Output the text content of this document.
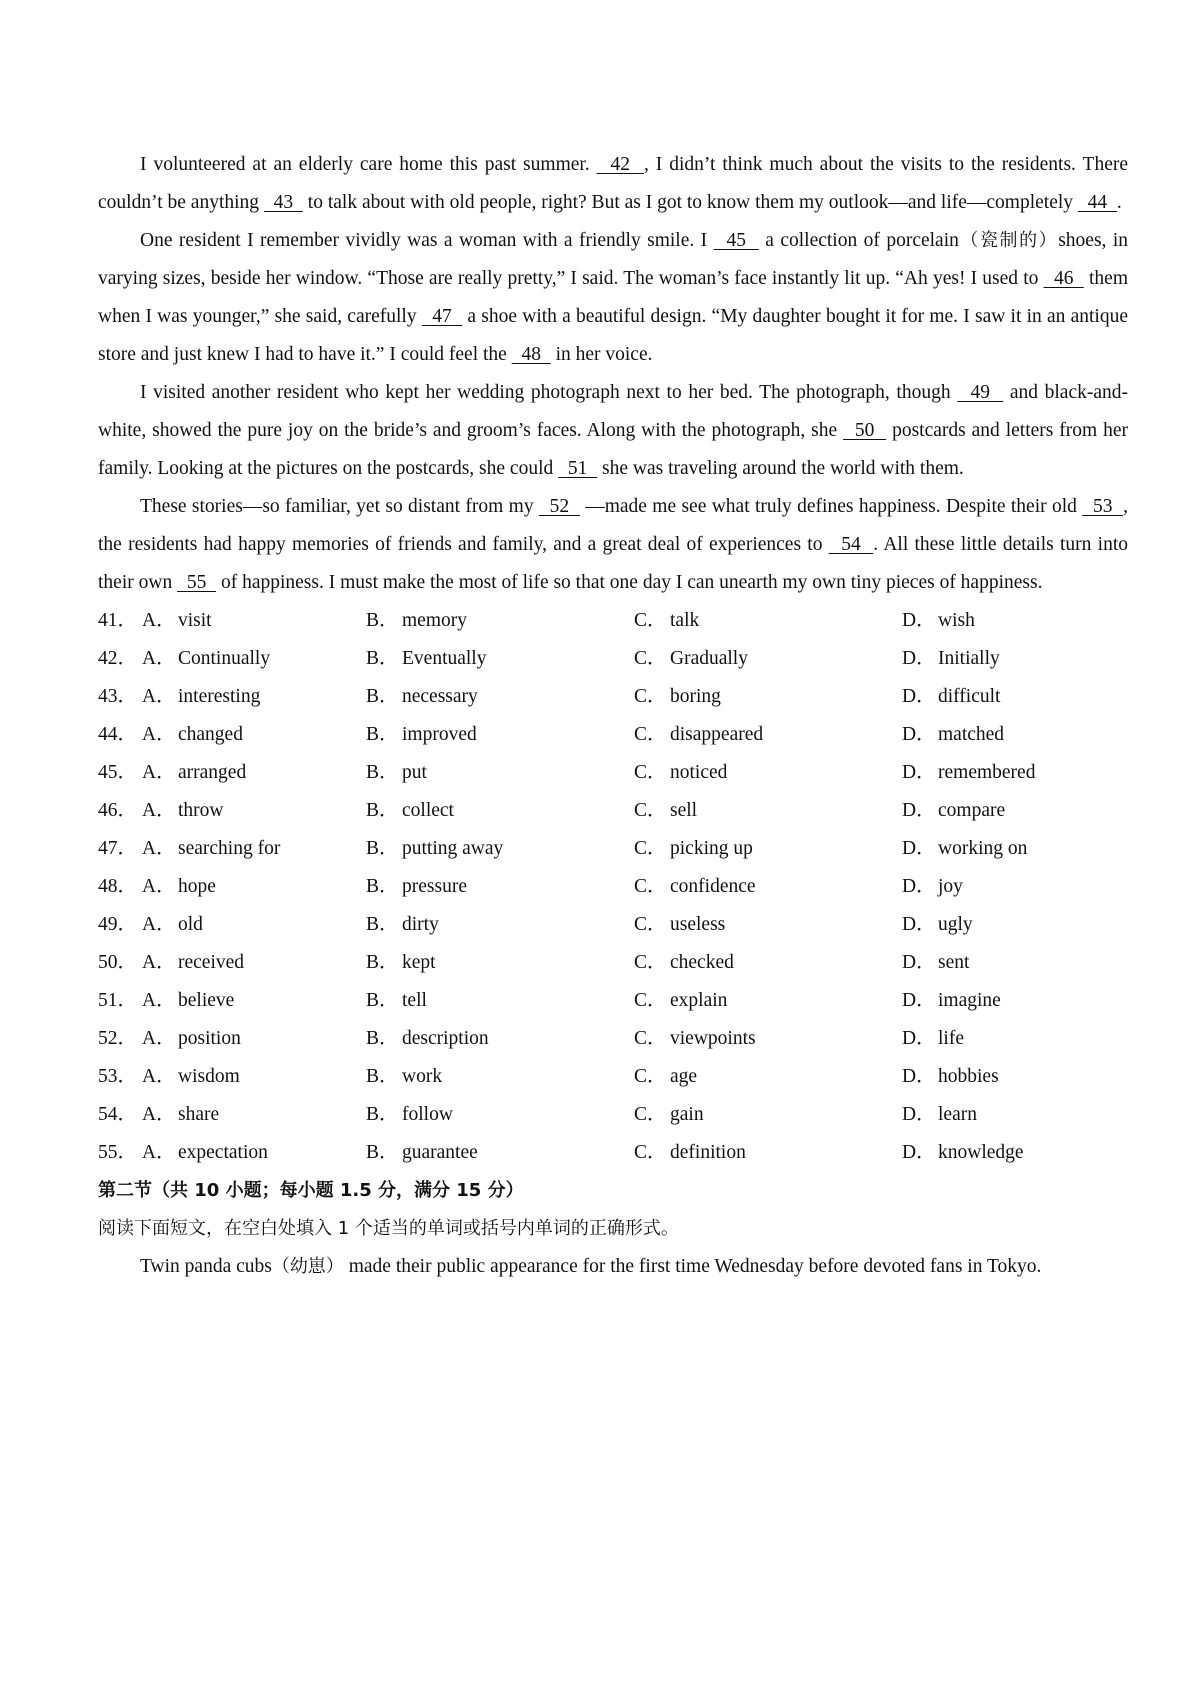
I volunteered at an elderly care home this past summer.   42  , I didn’t think much about the visits to the residents. There couldn’t be anything   43   to talk about with old people, right? But as I got to know them my outlook—and life—completely   44  .

One resident I remember vividly was a woman with a friendly smile. I   45   a collection of porcelain（瓷制的）shoes, in varying sizes, beside her window. “Those are really pretty,” I said. The woman’s face instantly lit up. “Ah yes! I used to   46   them when I was younger,” she said, carefully   47   a shoe with a beautiful design. “My daughter bought it for me. I saw it in an antique store and just knew I had to have it.” I could feel the   48   in her voice.

I visited another resident who kept her wedding photograph next to her bed. The photograph, though   49   and black-and-white, showed the pure joy on the bride’s and groom’s faces. Along with the photograph, she   50   postcards and letters from her family. Looking at the pictures on the postcards, she could   51   she was traveling around the world with them.

These stories—so familiar, yet so distant from my   52   —made me see what truly defines happiness. Despite their old   53  , the residents had happy memories of friends and family, and a great deal of experiences to   54  . All these little details turn into their own   55   of happiness. I must make the most of life so that one day I can unearth my own tiny pieces of happiness.

41． A． visit	B． memory	C． talk	D． wish
42． A． Continually	B． Eventually	C． Gradually	D． Initially
43． A． interesting	B． necessary	C． boring	D． difficult
44． A． changed	B． improved	C． disappeared	D． matched
45． A． arranged	B． put	C． noticed	D． remembered
46． A． throw	B． collect	C． sell	D． compare
47． A． searching for	B． putting away	C． picking up	D． working on
48． A． hope	B． pressure	C． confidence	D． joy
49． A． old	B． dirty	C． useless	D． ugly
50． A． received	B． kept	C． checked	D． sent
51． A． believe	B． tell	C． explain	D． imagine
52． A． position	B． description	C． viewpoints	D． life
53． A． wisdom	B． work	C． age	D． hobbies
54． A． share	B． follow	C． gain	D． learn
55． A． expectation	B． guarantee	C． definition	D． knowledge

第二节（共 10 小题；每小题 1.5 分，满分 15 分）

阅读下面短文，在空白处填入 1 个适当的单词或括号内单词的正确形式。

Twin panda cubs（幼崽） made their public appearance for the first time Wednesday before devoted fans in Tokyo.
